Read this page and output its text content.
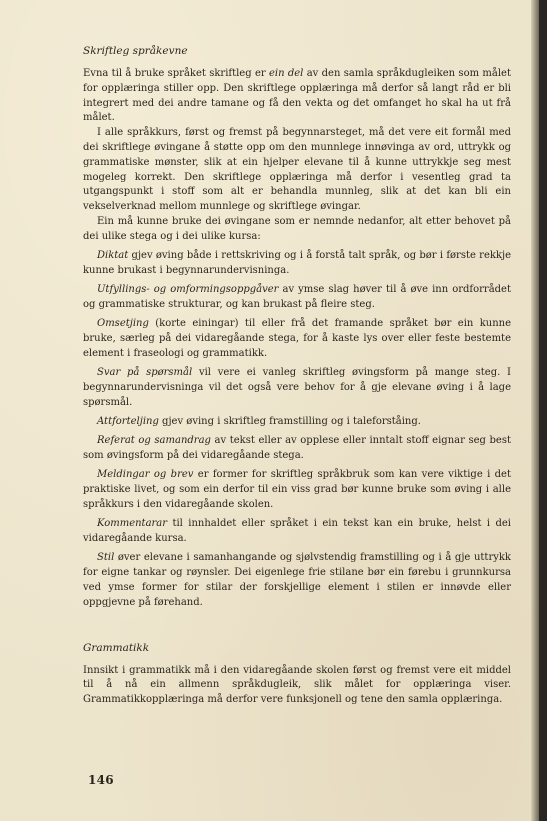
Skriftleg språkevne

Evna til å bruke språket skriftleg er ein del av den samla språkdugleiken som målet for opplæringa stiller opp. Den skriftlege opplæringa må derfor så langt råd er bli integrert med dei andre tamane og få den vekta og det omfanget ho skal ha ut frå målet.

I alle språkkurs, først og fremst på begynnarsteget, må det vere eit formål med dei skriftlege øvingane å støtte opp om den munnlege innøvinga av ord, uttrykk og grammatiske mønster, slik at ein hjelper elevane til å kunne uttrykkje seg mest mogeleg korrekt. Den skriftlege opplæringa må derfor i vesentleg grad ta utgangspunkt i stoff som alt er behandla munnleg, slik at det kan bli ein vekselverknad mellom munnlege og skriftlege øvingar.

Ein må kunne bruke dei øvingane som er nemnde nedanfor, alt etter behovet på dei ulike stega og i dei ulike kursa:

Diktat gjev øving både i rettskriving og i å forstå talt språk, og bør i første rekkje kunne brukast i begynnarundervisninga.

Utfyllings- og omformingsoppgåver av ymse slag høver til å øve inn ordforrådet og grammatiske strukturar, og kan brukast på fleire steg.

Omsetjing (korte einingar) til eller frå det framande språket bør ein kunne bruke, særleg på dei vidaregåande stega, for å kaste lys over eller feste bestemte element i fraseologi og grammatikk.

Svar på spørsmål vil vere ei vanleg skriftleg øvingsform på mange steg. I begynnarundervisninga vil det også vere behov for å gje elevane øving i å lage spørsmål.

Attforteljing gjev øving i skriftleg framstilling og i taleforståing.

Referat og samandrag av tekst eller av opplese eller inntalt stoff eignar seg best som øvingsform på dei vidaregåande stega.

Meldingar og brev er former for skriftleg språkbruk som kan vere viktige i det praktiske livet, og som ein derfor til ein viss grad bør kunne bruke som øving i alle språkkurs i den vidaregåande skolen.

Kommentarar til innhaldet eller språket i ein tekst kan ein bruke, helst i dei vidaregåande kursa.

Stil øver elevane i samanhangande og sjølvstendig framstilling og i å gje uttrykk for eigne tankar og røynsler. Dei eigenlege frie stilane bør ein førebu i grunnkursa ved ymse former for stilar der forskjellige element i stilen er innøvde eller oppgjevne på førehand.

Grammatikk

Innsikt i grammatikk må i den vidaregåande skolen først og fremst vere eit middel til å nå ein allmenn språkdugleik, slik målet for opplæringa viser. Grammatikkopplæringa må derfor vere funksjonell og tene den samla opplæringa.

146
